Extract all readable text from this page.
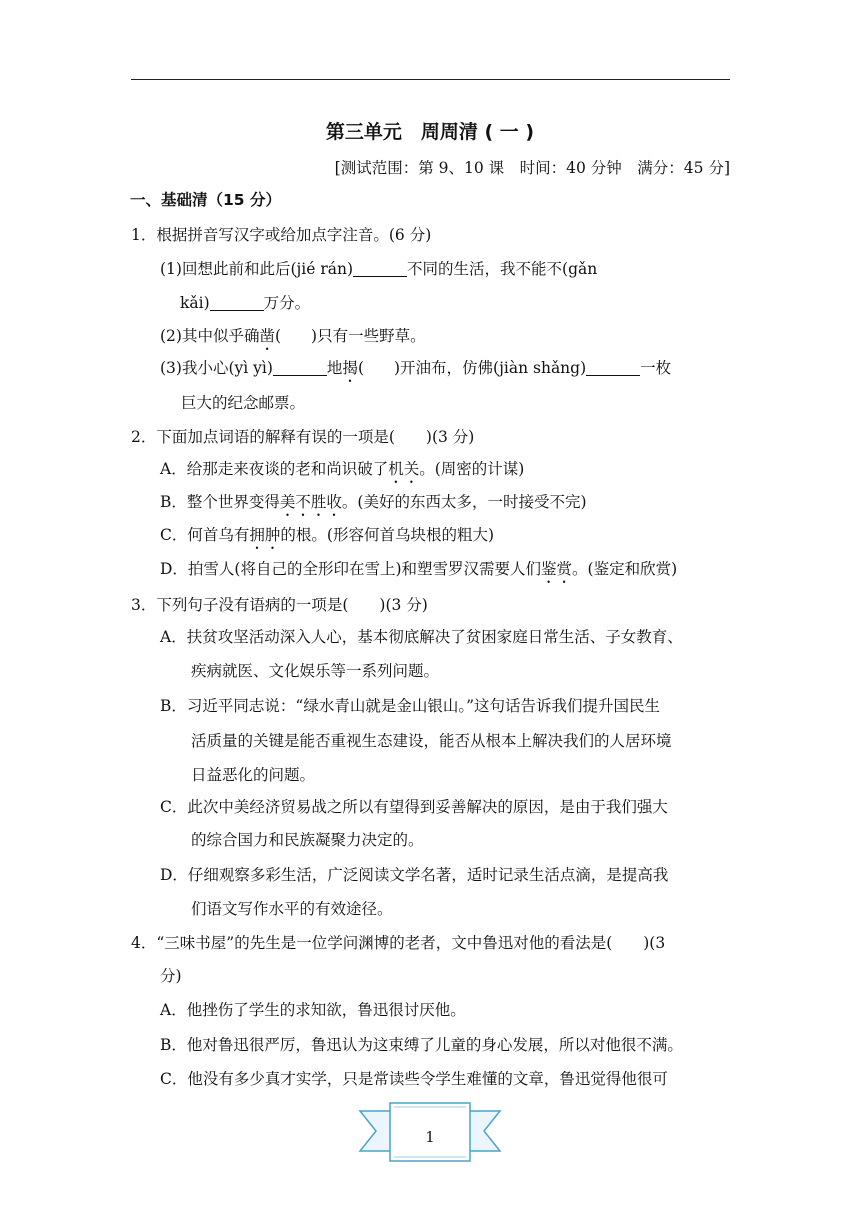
第三单元　周周清 ( 一 )
[测试范围：第 9、10 课　时间：40 分钟　满分：45 分]
一、基础清（15 分）
1．根据拼音写汉字或给加点字注音。(6 分)
(1)回想此前和此后(jié rán)	不同的生活，我不能不(gǎn
kǎi)	万分。
(2)其中似乎确凿( )只有一些野草。
(3)我小心(yì yì)	地揭( )开油布，仿佛(jiàn shǎng)	一枚
巨大的纪念邮票。
2．下面加点词语的解释有误的一项是(　　)(3 分)
A．给那走来夜谈的老和尚识破了机关。(周密的计谋)
B．整个世界变得美不胜收。(美好的东西太多，一时接受不完)
C．何首乌有拥肿的根。(形容何首乌块根的粗大)
D．拍雪人(将自己的全形印在雪上)和塑雪罗汉需要人们鉴赏。(鉴定和欣赏)
3．下列句子没有语病的一项是(　　)(3 分)
A．扶贫攻坚活动深入人心，基本彻底解决了贫困家庭日常生活、子女教育、
疾病就医、文化娱乐等一系列问题。
B．习近平同志说：“绿水青山就是金山银山。”这句话告诉我们提升国民生
活质量的关键是能否重视生态建设，能否从根本上解决我们的人居环境
日益恶化的问题。
C．此次中美经济贸易战之所以有望得到妥善解决的原因，是由于我们强大
的综合国力和民族凝聚力决定的。
D．仔细观察多彩生活，广泛阅读文学名著，适时记录生活点滴，是提高我
们语文写作水平的有效途径。
4．“三味书屋”的先生是一位学问渊博的老者，文中鲁迅对他的看法是(　　)(3
分)
A．他挫伤了学生的求知欲，鲁迅很讨厌他。
B．他对鲁迅很严厉，鲁迅认为这束缚了儿童的身心发展，所以对他很不满。
C．他没有多少真才实学，只是常读些令学生难懂的文章，鲁迅觉得他很可
1
